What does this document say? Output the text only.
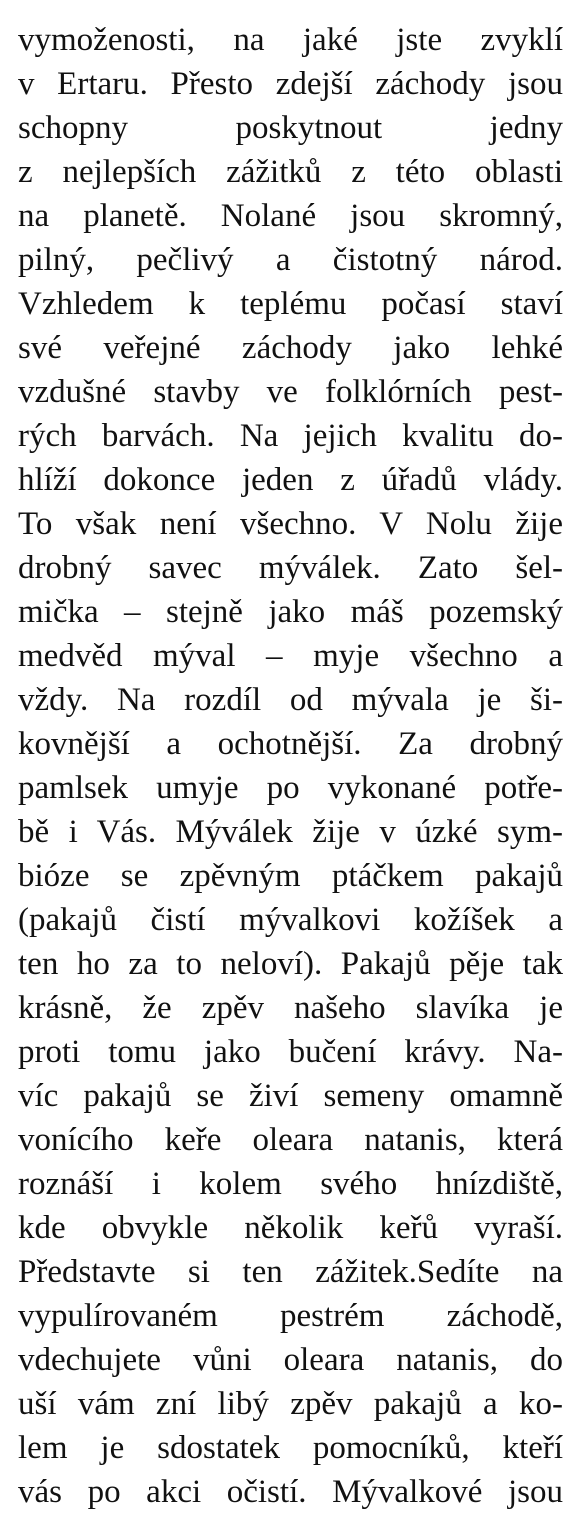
vymoženosti, na jaké jste zvyklí
v Ertaru. Přesto zdejší záchody jsou
schopny poskytnout jedny
z nejlepších zážitků z této oblasti
na planetě. Nolané jsou skromný,
pilný, pečlivý a čistotný národ.
Vzhledem k teplému počasí staví
své veřejné záchody jako lehké
vzdušné stavby ve folklórních pest-
rých barvách. Na jejich kvalitu do-
hlíží dokonce jeden z úřadů vlády.
To však není všechno. V Nolu žije
drobný savec mýválek. Zato šel-
mička – stejně jako máš pozemský
medvěd mýval – myje všechno a
vždy. Na rozdíl od mývala je ši-
kovnější a ochotnější. Za drobný
pamlsek umyje po vykonané potře-
bě i Vás. Mýválek žije v úzké sym-
bióze se zpěvným ptáčkem pakajů
(pakajů čistí mývalkovi kožíšek a
ten ho za to neloví). Pakajů pěje tak
krásně, že zpěv našeho slavíka je
proti tomu jako bučení krávy. Na-
víc pakajů se živí semeny omamně
vonícího keře oleara natanis, která
roznáší i kolem svého hnízdiště,
kde obvykle několik keřů vyraší.
Představte si ten zážitek.Sedíte na
vypulírovaném pestrém záchodě,
vdechujete vůni oleara natanis, do
uší vám zní libý zpěv pakajů a ko-
lem je sdostatek pomocníků, kteří
vás po akci očistí. Mývalkové jsou
